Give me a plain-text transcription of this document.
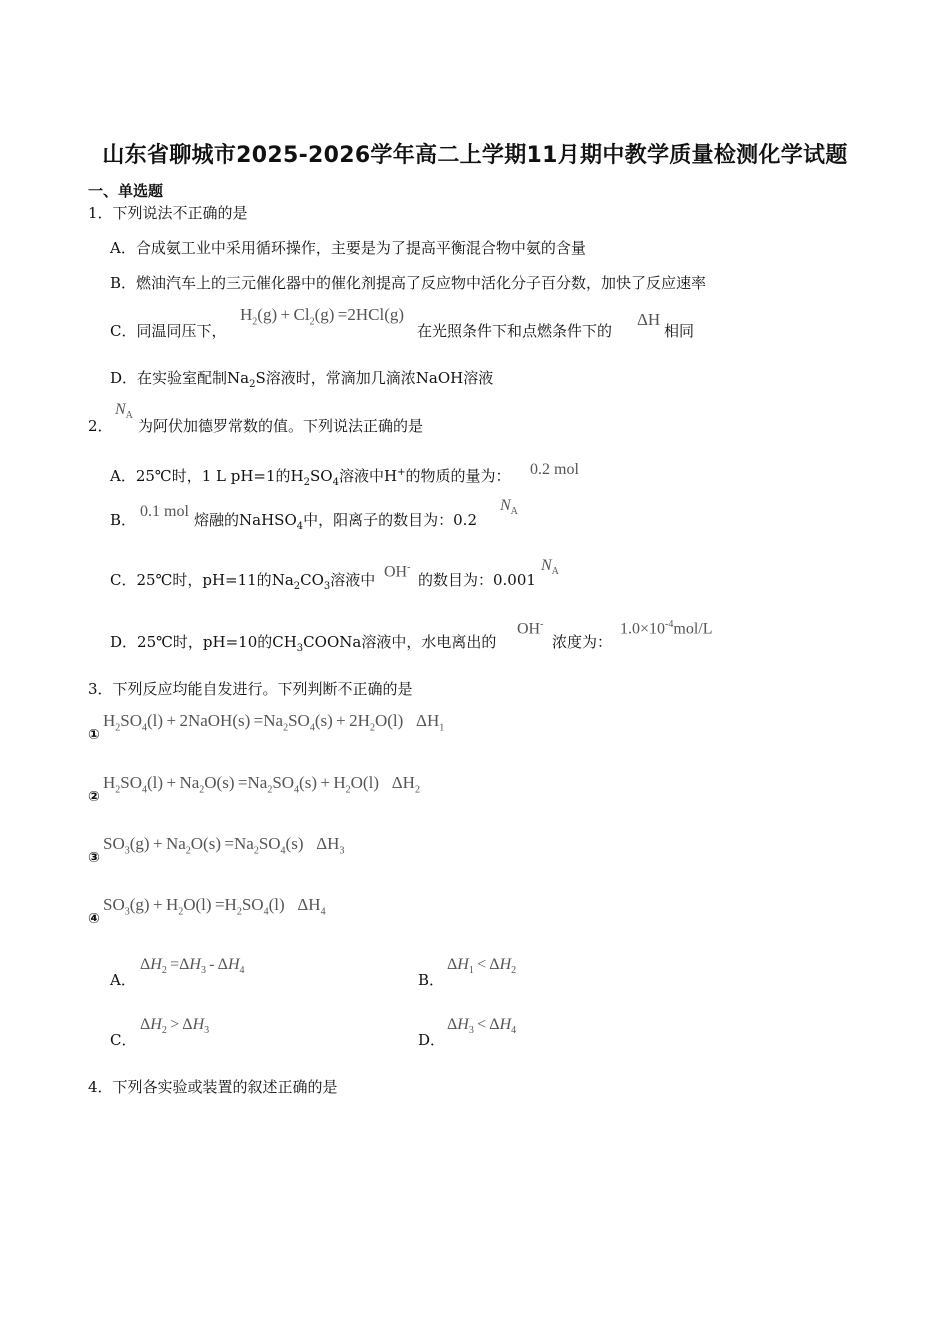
山东省聊城市2025-2026学年高二上学期11月期中教学质量检测化学试题
一、单选题
1．下列说法不正确的是
A．合成氨工业中采用循环操作，主要是为了提高平衡混合物中氨的含量
B．燃油汽车上的三元催化器中的催化剂提高了反应物中活化分子百分数，加快了反应速率
C．同温同压下，
$H_2(g) + Cl_2(g) =2HCl(g)$
在光照条件下和点燃条件下的
ΔH
相同
D．在实验室配制$Na_2S$溶液时，常滴加几滴浓NaOH溶液
2．
$N_A$
为阿伏加德罗常数的值。下列说法正确的是
A．25℃时，1 L pH=1的$H_2SO_4$溶液中H+的物质的量为： 0.2 mol
B． 0.1 mol 熔融的NaHSO$_4$中，阳离子的数目为：0.2
$N_A$
C．25℃时，pH=11的$Na_2CO_3$溶液中 OH-
的数目为：0.001
$N_A$
D．25℃时，pH=10的$CH_3COONa$溶液中，水电离出的
OH-
浓度为：
$1.0\times 10^{-4}mol/L$
3．下列反应均能自发进行。下列判断不正确的是
①
$H_2SO_4(l)$ + 2NaOH(s) $=Na_2SO_4(s) + 2H_2O(l)$   $\Delta H_1$
②
$H_2SO_4(l) + Na_2O(s) =Na_2SO_4(s) + H_2O(l)$   $\Delta H_2$
③
$SO_3(g) + Na_2O(s) =Na_2SO_4(s)$   $\Delta H_3$
④
$SO_3(g) + H_2O(l) =H_2SO_4(l)$   $\Delta H_4$
A．
$\Delta H_2 =\Delta H_3 - \Delta H_4$
B．
$\Delta H_1 < \Delta H_2$
C．
$\Delta H_2 > \Delta H_3$
D．
$\Delta H_3 < \Delta H_4$
4．下列各实验或装置的叙述正确的是
